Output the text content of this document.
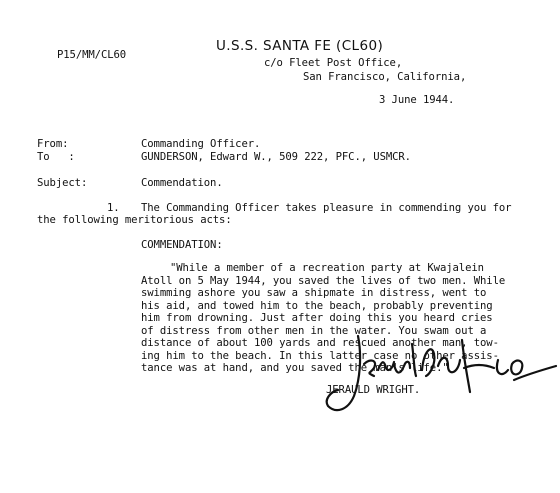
P15/MM/CL60
U.S.S. SANTA FE (CL60)
c/o Fleet Post Office,
San Francisco, California,
3 June 1944.
From:	Commanding Officer.
To   :	GUNDERSON, Edward W., 509 222, PFC., USMCR.
Subject:	Commendation.
1. The Commanding Officer takes pleasure in commending you for
the following meritorious acts:
COMMENDATION:
"While a member of a recreation party at Kwajalein
Atoll on 5 May 1944, you saved the lives of two men. While
swimming ashore you saw a shipmate in distress, went to
his aid, and towed him to the beach, probably preventing
him from drowning. Just after doing this you heard cries
of distress from other men in the water. You swam out a
distance of about 100 yards and rescued another man, tow-
ing him to the beach. In this latter case no other assis-
tance was at hand, and you saved the man's life."
JERAULD WRIGHT.
